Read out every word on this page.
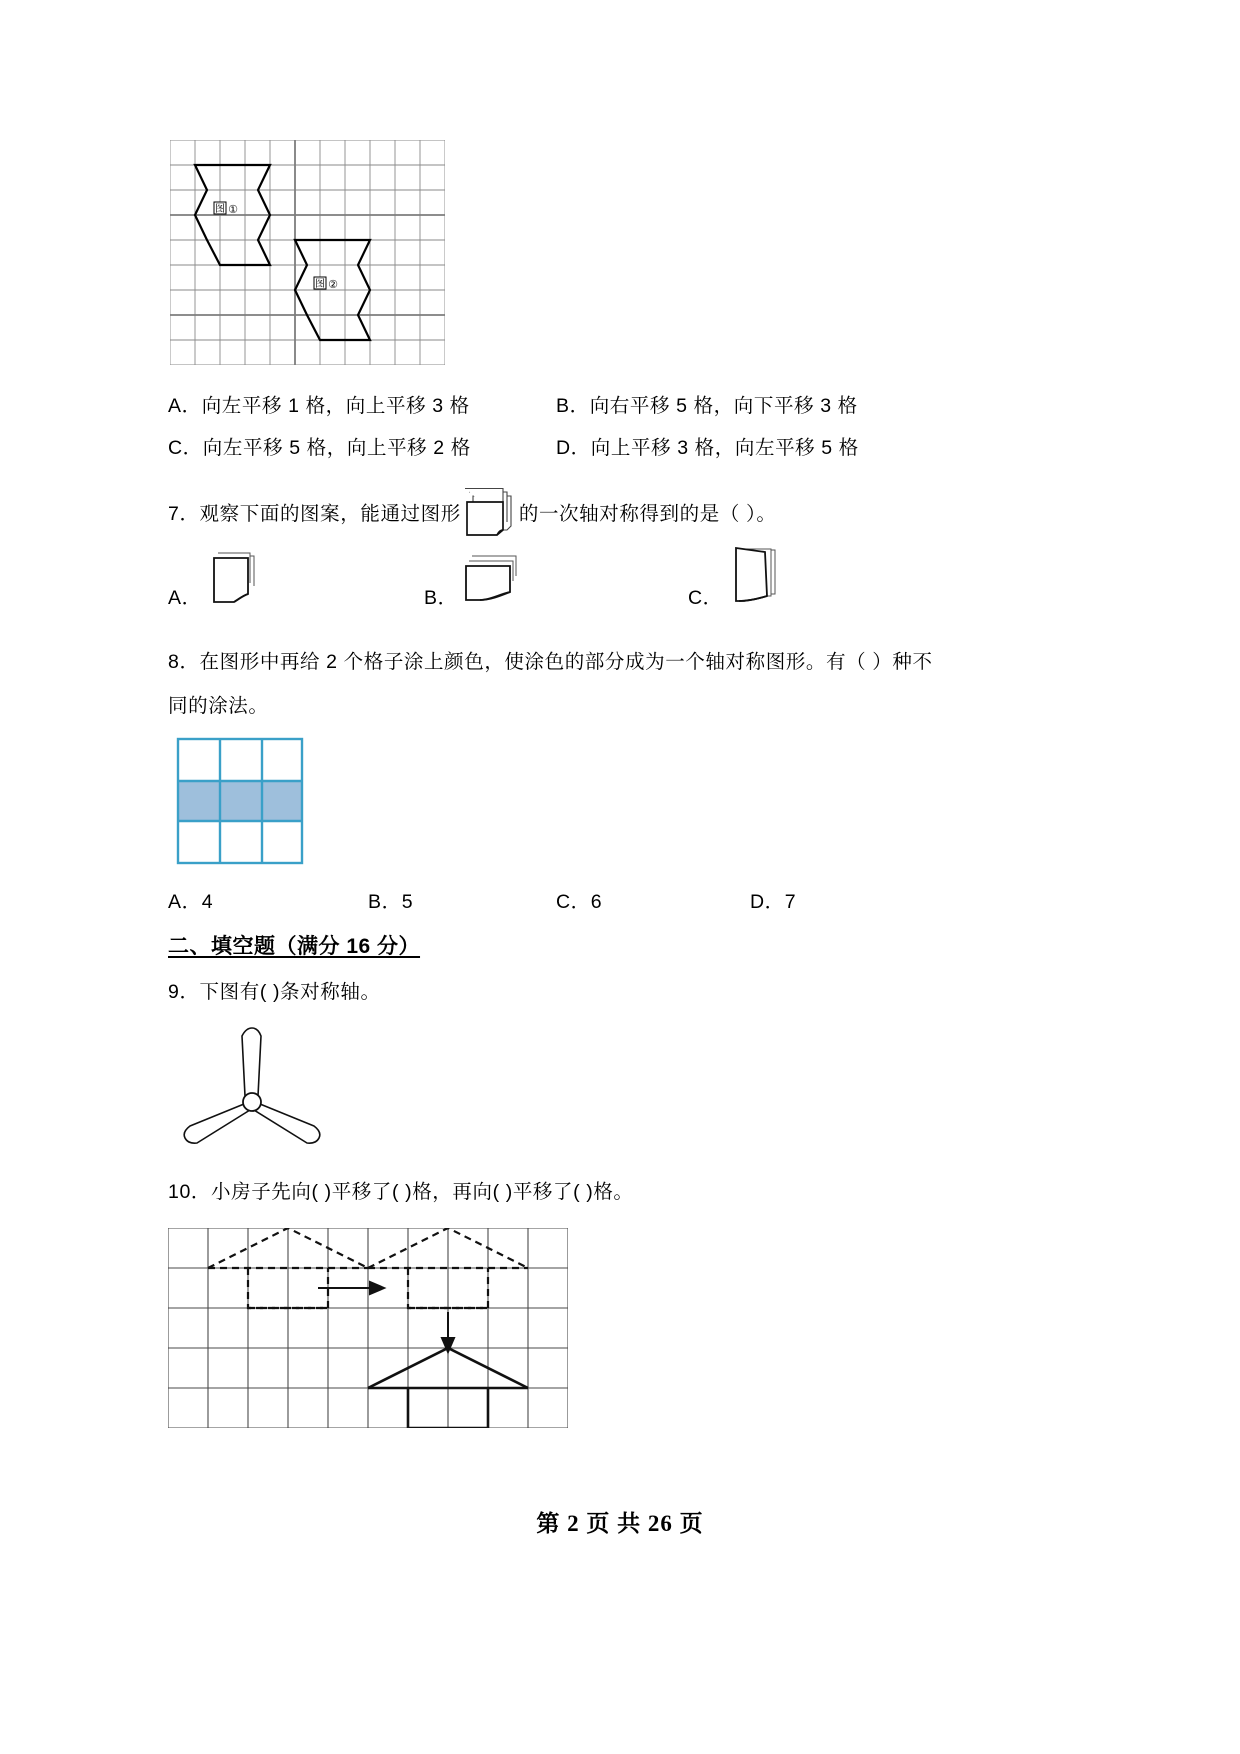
图 ①
图 ②
A．向左平移 1 格，向上平移 3 格	B．向右平移 5 格，向下平移 3 格
C．向左平移 5 格，向上平移 2 格	D．向上平移 3 格，向左平移 5 格
7．观察下面的图案，能通过图形	的一次轴对称得到的是（ ）。
A．	B．	C．
8．在图形中再给 2 个格子涂上颜色，使涂色的部分成为一个轴对称图形。有（ ）种不
同的涂法。
A．4	B．5	C．6	D．7
二、填空题（满分 16 分）
9．下图有( )条对称轴。
10．小房子先向( )平移了( )格，再向( )平移了( )格。
第 2 页 共 26 页
